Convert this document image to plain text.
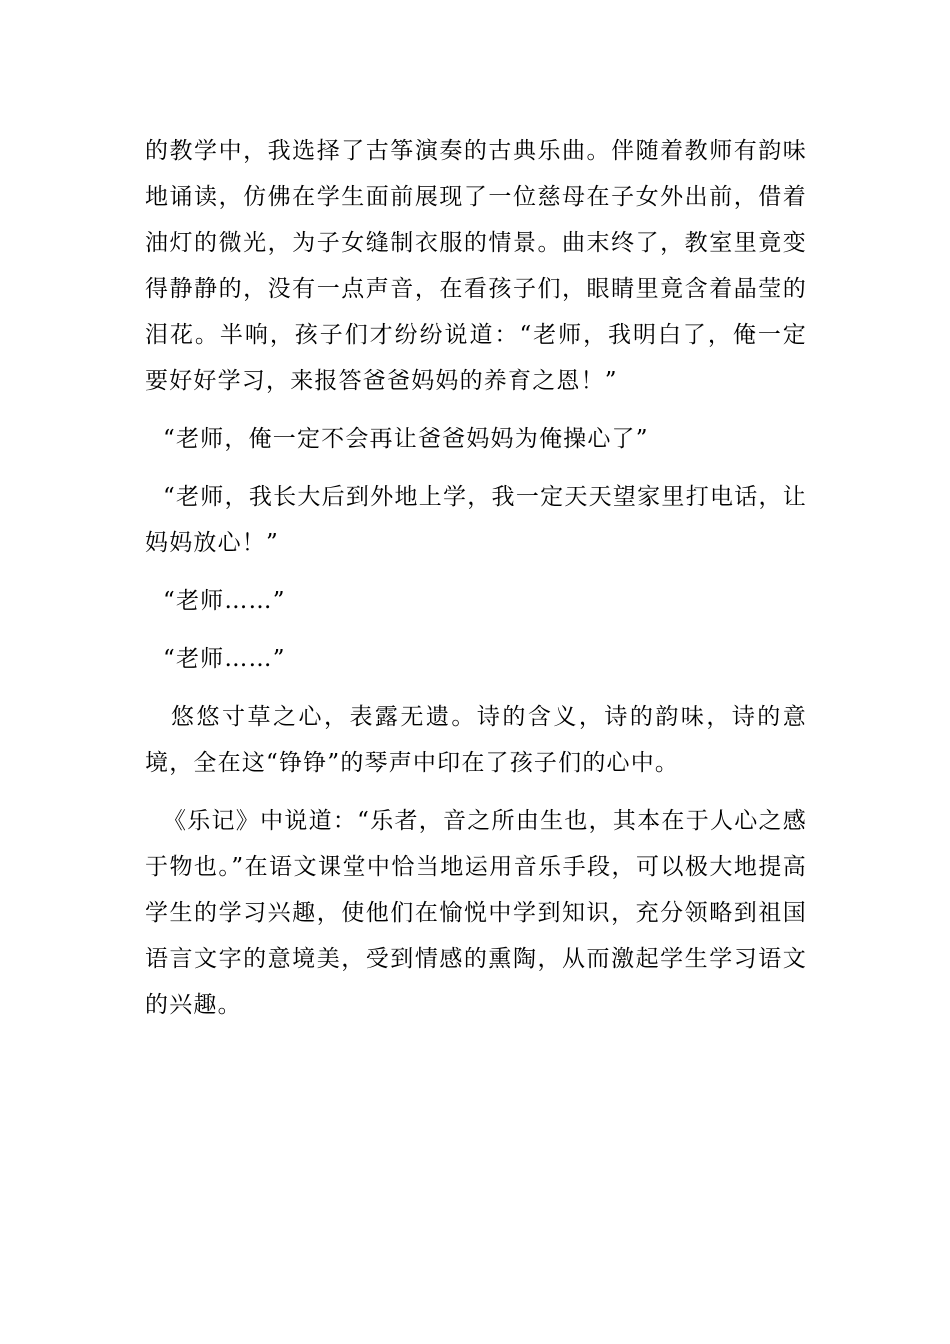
的教学中，我选择了古筝演奏的古典乐曲。伴随着教师有韵味地诵读，仿佛在学生面前展现了一位慈母在子女外出前，借着油灯的微光，为子女缝制衣服的情景。曲末终了，教室里竟变得静静的，没有一点声音，在看孩子们，眼睛里竟含着晶莹的泪花。半响，孩子们才纷纷说道：“老师，我明白了，俺一定要好好学习，来报答爸爸妈妈的养育之恩！”

“老师，俺一定不会再让爸爸妈妈为俺操心了”

“老师，我长大后到外地上学，我一定天天望家里打电话，让妈妈放心！”

“老师……”

“老师……”

悠悠寸草之心，表露无遗。诗的含义，诗的韵味，诗的意境，全在这“铮铮”的琴声中印在了孩子们的心中。

《乐记》中说道：“乐者，音之所由生也，其本在于人心之感于物也。”在语文课堂中恰当地运用音乐手段，可以极大地提高学生的学习兴趣，使他们在愉悦中学到知识，充分领略到祖国语言文字的意境美，受到情感的熏陶，从而激起学生学习语文的兴趣。
